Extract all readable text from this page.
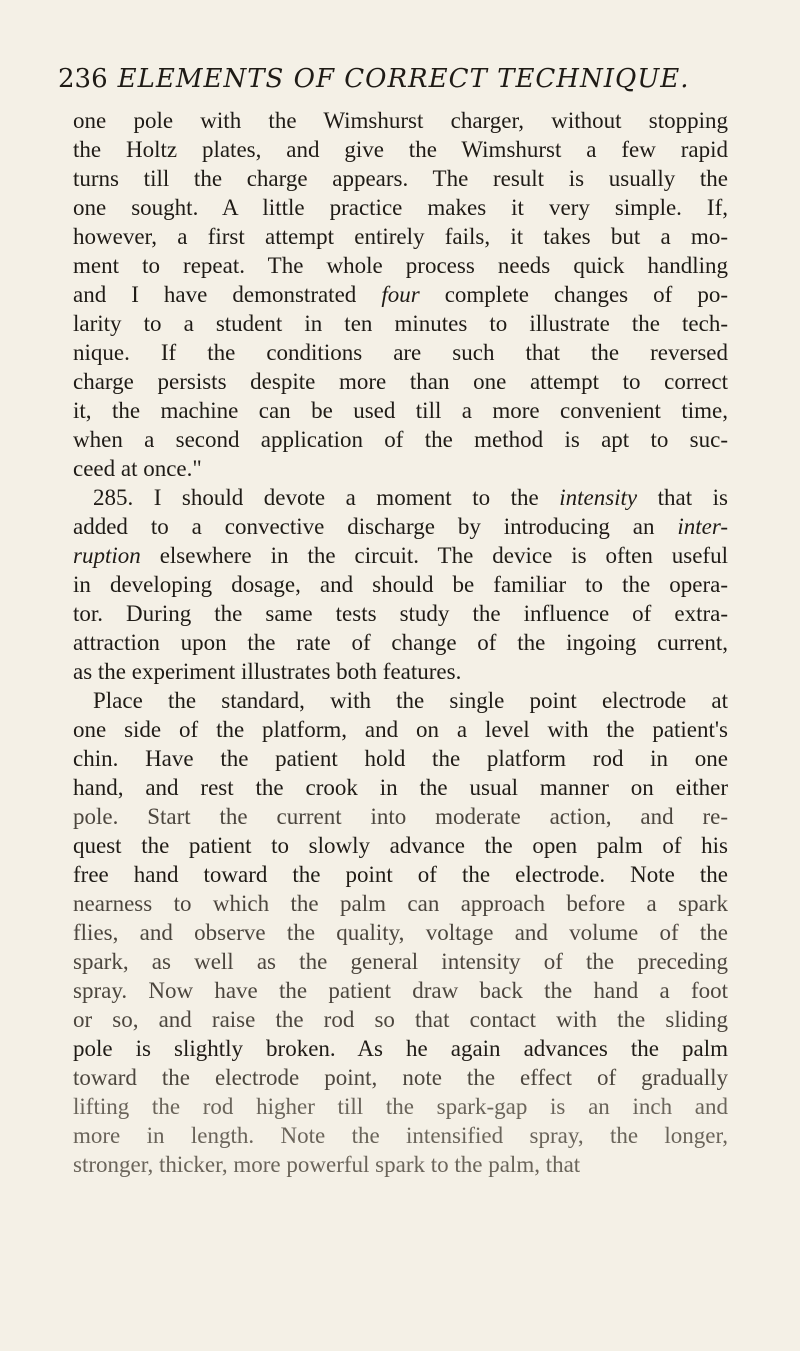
236 ELEMENTS OF CORRECT TECHNIQUE.
one pole with the Wimshurst charger, without stopping
the Holtz plates, and give the Wimshurst a few rapid
turns till the charge appears. The result is usually the
one sought. A little practice makes it very simple. If,
however, a first attempt entirely fails, it takes but a mo-
ment to repeat. The whole process needs quick handling
and I have demonstrated four complete changes of po-
larity to a student in ten minutes to illustrate the tech-
nique. If the conditions are such that the reversed
charge persists despite more than one attempt to correct
it, the machine can be used till a more convenient time,
when a second application of the method is apt to suc-
ceed at once."
285. I should devote a moment to the intensity that is
added to a convective discharge by introducing an inter-
ruption elsewhere in the circuit. The device is often useful
in developing dosage, and should be familiar to the opera-
tor. During the same tests study the influence of extra-
attraction upon the rate of change of the ingoing current,
as the experiment illustrates both features.
Place the standard, with the single point electrode at
one side of the platform, and on a level with the patient's
chin. Have the patient hold the platform rod in one
hand, and rest the crook in the usual manner on either
pole. Start the current into moderate action, and re-
quest the patient to slowly advance the open palm of his
free hand toward the point of the electrode. Note the
nearness to which the palm can approach before a spark
flies, and observe the quality, voltage and volume of the
spark, as well as the general intensity of the preceding
spray. Now have the patient draw back the hand a foot
or so, and raise the rod so that contact with the sliding
pole is slightly broken. As he again advances the palm
toward the electrode point, note the effect of gradually
lifting the rod higher till the spark-gap is an inch and
more in length. Note the intensified spray, the longer,
stronger, thicker, more powerful spark to the palm, that
